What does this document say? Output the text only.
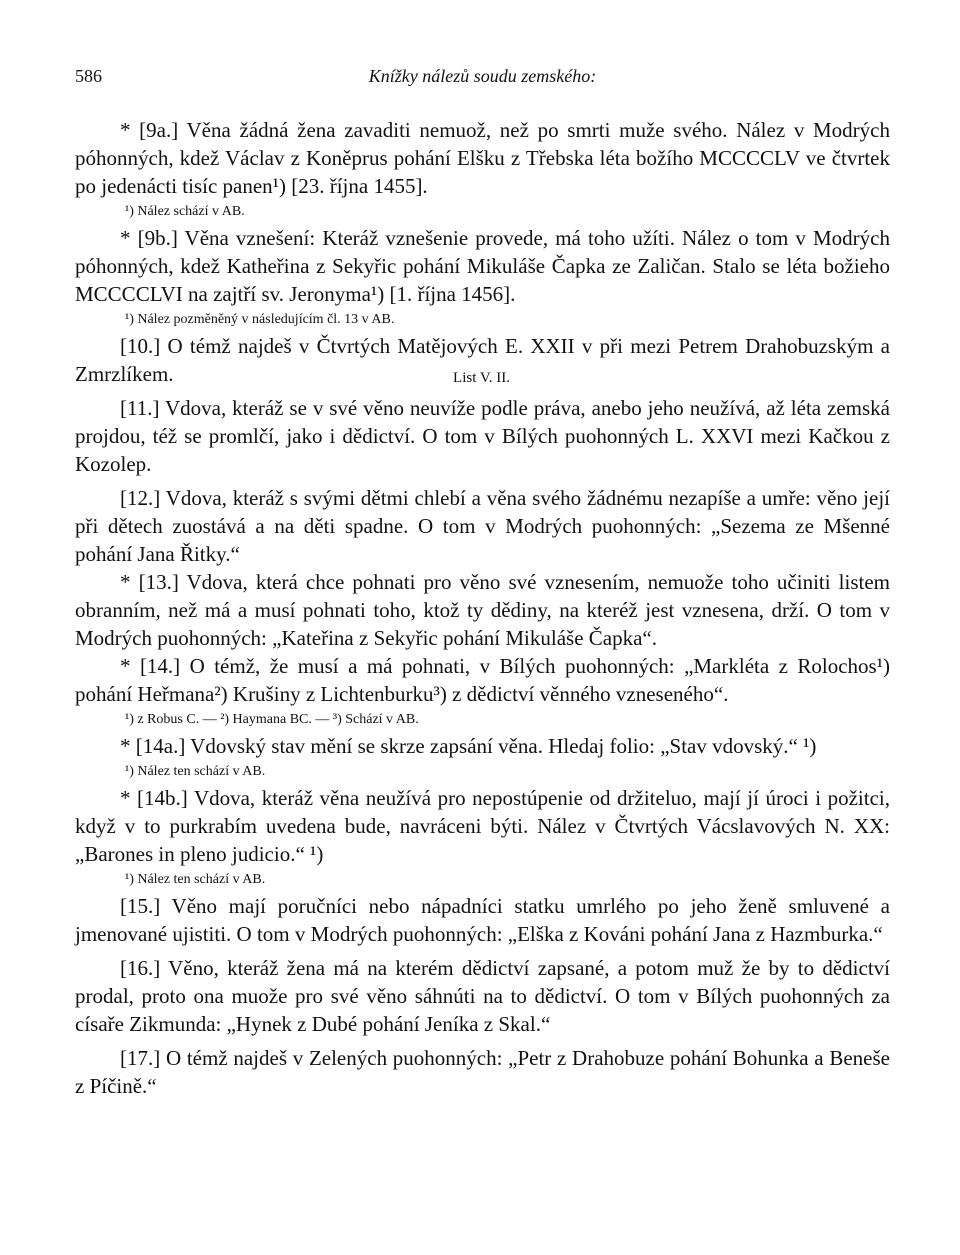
586	Knížky nálezů soudu zemského:

* [9a.] Věna žádná žena zavaditi nemuož, než po smrti muže svého. Nález v Modrých póhonných, kdež Václav z Koněprus pohání Elšku z Třebska léta božího MCCCCLV ve čtvrtek po jedenácti tisíc panen¹) [23. října 1455].

¹) Nález schází v AB.

* [9b.] Věna vznešení: Kteráž vznešenie provede, má toho užíti. Nález o tom v Modrých póhonných, kdež Katheřina z Sekyřic pohání Mikuláše Čapka ze Zaličan. Stalo se léta božieho MCCCCLVI na zajtří sv. Jeronyma¹) [1. října 1456].

¹) Nález pozměněný v následujícím čl. 13 v AB.

[10.] O témž najdeš v Čtvrtých Matějových E. XXII v při mezi Petrem Drahobuzským a Zmrzlíkem.	List V. II.

[11.] Vdova, kteráž se v své věno neuvíže podle práva, anebo jeho neužívá, až léta zemská projdou, též se promlčí, jako i dědictví. O tom v Bílých puohonných L. XXVI mezi Kačkou z Kozolep.

[12.] Vdova, kteráž s svými dětmi chlebí a věna svého žádnému nezapíše a umře: věno její při dětech zuostává a na děti spadne. O tom v Modrých puohonných: „Sezema ze Mšenné pohání Jana Řitky.“

* [13.] Vdova, která chce pohnati pro věno své vznesením, nemuože toho učiniti listem obranním, než má a musí pohnati toho, ktož ty dědiny, na kteréž jest vznesena, drží. O tom v Modrých puohonných: „Kateřina z Sekyřic pohání Mikuláše Čapka“.

* [14.] O témž, že musí a má pohnati, v Bílých puohonných: „Markléta z Rolochos¹) pohání Heřmana²) Krušiny z Lichtenburku³) z dědictví věnného vzneseného“.

¹) z Robus C. — ²) Haymana BC. — ³) Schází v AB.

* [14a.] Vdovský stav mění se skrze zapsání věna. Hledaj folio: „Stav vdovský.“ ¹)

¹) Nález ten schází v AB.

* [14b.] Vdova, kteráž věna neužívá pro nepostúpenie od držiteluo, mají jí úroci i požitci, když v to purkrabím uvedena bude, navráceni býti. Nález v Čtvrtých Vácslavových N. XX: „Barones in pleno judicio.“ ¹)

¹) Nález ten schází v AB.

[15.] Věno mají poručníci nebo nápadníci statku umrlého po jeho ženě smluvené a jmenované ujistiti. O tom v Modrých puohonných: „Elška z Kováni pohání Jana z Hazmburka.“

[16.] Věno, kteráž žena má na kterém dědictví zapsané, a potom muž že by to dědictví prodal, proto ona muože pro své věno sáhnúti na to dědictví. O tom v Bílých puohonných za císaře Zikmunda: „Hynek z Dubé pohání Jeníka z Skal.“

[17.] O témž najdeš v Zelených puohonných: „Petr z Drahobuze pohání Bohunka a Beneše z Píčině.“
